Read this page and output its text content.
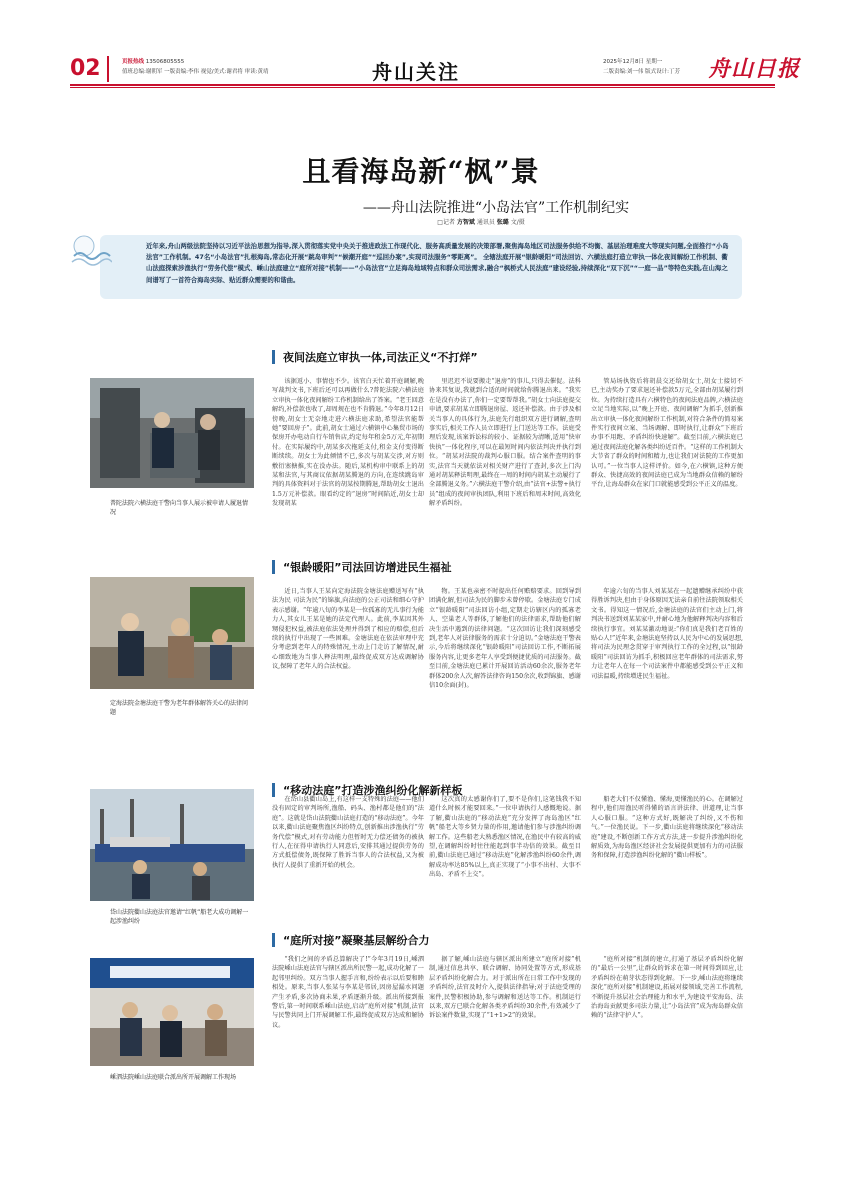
02	页报热线 13506805555
值班总编:谢朝军 一版责编:李伟 视觉/美式:谢君将 审读:黄靖	舟山关注	2025年12月8日 星期一
二版责编:刘一伟 版式设计:丁芳 舟山日报
且看海岛新“枫”景
——舟山法院推进“小岛法官”工作机制纪实
□记者 方智斌 通讯员 张璐 文/摄
近年来,舟山两级法院坚持以习近平法治思想为指导,深入贯彻落实党中央关于推进政法工作现代化、服务高质量发展的决策部署,聚焦海岛地区司法服务供给不均衡、基层治理难度大等现实问题,全面推行“小岛法官”工作机制。47名“小岛法官”扎根海岛,常态化开展“跳岛审判”“候潮开庭”“巡回办案”,实现司法服务“零距离”。 全辖法庭开展“银龄暖阳”司法回访、六横法庭打造立审执一体化夜间解纷工作机制、衢山法庭探索涉渔执行“劳务代偿”模式、嵊山法庭建立“庭所对接”机制——“小岛法官”立足海岛地域特点和群众司法需求,融合“枫桥式人民法庭”建设经验,持续深化“双下沉”“一庭一品”等特色实践,在山海之间谱写了一首符合海岛实际、贴近群众需要的和谐曲。
夜间法庭立审执一体,司法正义“不打烊”
普陀法院六横法庭干警向当事人展示被申请人履退情况
该据返小、事情也不少。该官白天忙着开庭调解,晚写裁判文书,下班后还可以再做什么?普陀法院六横法庭立审执一体化夜间解纷工作机制给出了答案。“老王回意解约,补偿款也收了,却周规在也不肯腾退。”今年8月12日傍晚,胡女士无奈地走进六横法庭求助,希望法官能帮她“要回房子”。此前,胡女士通过六横镇中心集贸市场的保房开办电动自行车销售店,约定每年租金5万元,年初期付。在实际履约中,胡某多次拖延支付,租金支付变得断断续续。胡女士为此倾情不已,多次与胡某交涉,对方则敷衍塞搪推,实在没办法。随后,某机构审中联系上的胡某和法官,与其商议依据胡某腾退的方向,在连续跳岛审判的具体资料对于法官的胡某按期腾退,帮助胡女士退出1.5万元补偿款。眼看约定的“退房”时间陷近,胡女士却发现胡某
里迟迟不说要搬走“退房”的事儿,只得去催促。法科协来其复说,我就到合适的时间就给你腾退出来。“我实在是没有办法了,你们一定要帮帮我。”胡女士向法庭提交申请,要求胡某立即腾退房屋、返还补偿款。由于涉及相关当事人的具体行为,法庭先行组织双方进行调解,查明事实后,相关工作人员立即进行上门送达等工作。法庭受理后发现,该案诉讼标的较小、证据较为清晰,适用“快审快执”一体化程序,可以在最短时间内依法判决并执行到位。“胡某对法院的裁判心服口服。结合案件查明的事实,法官当天就依法对相关财产进行了查封,多次上门沟通对胡某释法明理,最终在一周的时间内胡某主动履行了全部腾退义务。”六横法庭干警介绍,由“法官+法警+执行员”组成的夜间审执团队,利用下班后和周末时间,高效化解矛盾纠纷。
管局场执资后将胡晨交还给胡女士,胡女士接切不已,主动奖办了要求退还补偿款5万元,全部由胡某履行到位。为持续打造具有六横特色的夜间法庭品牌,六横法庭立足当地实际,以“晚上开庭、夜间调解”为抓手,创新推出立审执一体化夜间解纷工作机制,对符合条件的简易案件实行夜间立案、当场调解、即时执行,让群众“下班后办事不用跑、矛盾纠纷快速解”。截至目前,六横法庭已通过夜间法庭化解各类纠纷近百件。“这样的工作机制大大节省了群众的时间和精力,也让我们对法院的工作更加认可。”一位当事人这样评价。如今,在六横镇,这种方便群众、快捷高效的夜间法庭已成为当地群众信赖的解纷平台,让海岛群众在家门口就能感受到公平正义的温度。
“银龄暖阳”司法回访增进民生福祉
定海法院金塘法庭干警为老年群体解答关心的法律问题
近日,当事人王某向定海法院金塘法庭赠送写有“执法为民 司法为民”的锦旗,向法庭的公正司法和细心守护表示感谢。“年逾八旬的李某是一位孤寡的无儿事行为能力人,其女儿王某是她的法定代理人。此前,李某因其外甥侵犯权益,被法庭依法处理并得到了相应的赔偿,但后续的执行中出现了一些困难。金塘法庭在依法审理中充分考虑到老年人的特殊情况,主动上门走访了解情况,耐心细致地为当事人释法明理,最终促成双方达成调解协议,保障了老年人的合法权益。
物。王某也亲密不时提出任何赡赔要求。回到导到团满化解,但司法为民的脚步未曾停歇。金塘法庭专门成立“银龄暖阳”司法回访小组,定期走访辖区内的孤寡老人、空巢老人等群体,了解他们的法律需求,帮助他们解决生活中遇到的法律问题。“这次回访让我们深刻感受到,老年人对法律服务的需求十分迫切。”金塘法庭干警表示,今后将继续深化“银龄暖阳”司法回访工作,不断拓展服务内容,让更多老年人享受到便捷优质的司法服务。截至目前,金塘法庭已累计开展回访活动60余次,服务老年群体200余人次,解答法律咨询150余次,收到锦旗、感谢信10余面(封)。
年逾六旬的当事人刘某某在一起遗赠继承纠纷中获得胜诉判决,但由于身体原因无法亲自前往法院领取相关文书。得知这一情况后,金塘法庭的法官们主动上门,将判决书送到刘某某家中,并耐心地为他解释判决内容和后续执行事宜。刘某某激动地说:“你们真是我们老百姓的贴心人!”近年来,金塘法庭坚持以人民为中心的发展思想,将司法为民理念贯穿于审判执行工作的全过程,以“银龄暖阳”司法回访为抓手,积极回应老年群体的司法需求,努力让老年人在每一个司法案件中都能感受到公平正义和司法温暖,持续增进民生福祉。
“移动法庭”打造涉渔纠纷化解新样板
岱山法院衢山法庭法官邀请“红帆”船老大成功调解一起涉渔纠纷
在岱山县衢山岛上,有这样一支特殊的法庭——他们没有固定的审判场所,渔船、码头、渔村都是他们的“法庭”。这就是岱山法院衢山法庭打造的“移动法庭”。今年以来,衢山法庭聚焦渔区纠纷特点,创新推出涉渔执行“劳务代偿”模式,对有劳动能力但暂时无力偿还债务的被执行人,在征得申请执行人同意后,安排其通过提供劳务的方式抵偿债务,既保障了胜诉当事人的合法权益,又为被执行人提供了重新开始的机会。
这次真的太感谢你们了,要不是你们,这笔钱我不知道什么时候才能要回来。”一位申请执行人感慨地说。据了解,衢山法庭的“移动法庭”充分发挥了海岛渔区“红帆”船老大等乡贤力量的作用,邀请他们参与涉渔纠纷调解工作。这些船老大熟悉渔区情况,在渔民中有较高的威望,在调解纠纷时往往能起到事半功倍的效果。截至目前,衢山法庭已通过“移动法庭”化解涉渔纠纷60余件,调解成功率达85%以上,真正实现了“小事不出村、大事不出岛、矛盾不上交”。
船老大们不仅懂渔、懂海,更懂渔民的心。在调解过程中,他们用渔民听得懂的语言讲法律、讲道理,让当事人心服口服。“这种方式好,既解决了纠纷,又不伤和气。”一位渔民说。下一步,衢山法庭将继续深化“移动法庭”建设,不断创新工作方式方法,进一步提升涉渔纠纷化解质效,为海岛渔区经济社会发展提供更加有力的司法服务和保障,打造涉渔纠纷化解的“衢山样板”。
“庭所对接”凝聚基层解纷合力
嵊泗法院嵊山法庭联合派出所开展调解工作现场
“我们之间的矛盾总算解决了!”今年3月19日,嵊泗法院嵊山法庭法官与辖区派出所民警一起,成功化解了一起邻里纠纷。双方当事人握手言和,纷纷表示以后要和睦相处。原来,当事人张某与李某是邻居,因房屋漏水问题产生矛盾,多次协商未果,矛盾逐渐升级。派出所接到报警后,第一时间联系嵊山法庭,启动“庭所对接”机制,法官与民警共同上门开展调解工作,最终促成双方达成和解协议。
据了解,嵊山法庭与辖区派出所建立“庭所对接”机制,通过信息共享、联合调解、协同处置等方式,形成基层矛盾纠纷化解合力。对于派出所在日常工作中发现的矛盾纠纷,法官及时介入,提供法律指导;对于法庭受理的案件,民警积极协助,参与调解和送达等工作。机制运行以来,双方已联合化解各类矛盾纠纷30余件,有效减少了诉讼案件数量,实现了“1+1>2”的效果。
“庭所对接”机制的建立,打通了基层矛盾纠纷化解的“最后一公里”,让群众的诉求在第一时间得到回应,让矛盾纠纷在萌芽状态得到化解。下一步,嵊山法庭将继续深化“庭所对接”机制建设,拓展对接领域,完善工作流程,不断提升基层社会治理能力和水平,为建设平安海岛、法治海岛贡献更多司法力量,让“小岛法官”成为海岛群众信赖的“法律守护人”。
